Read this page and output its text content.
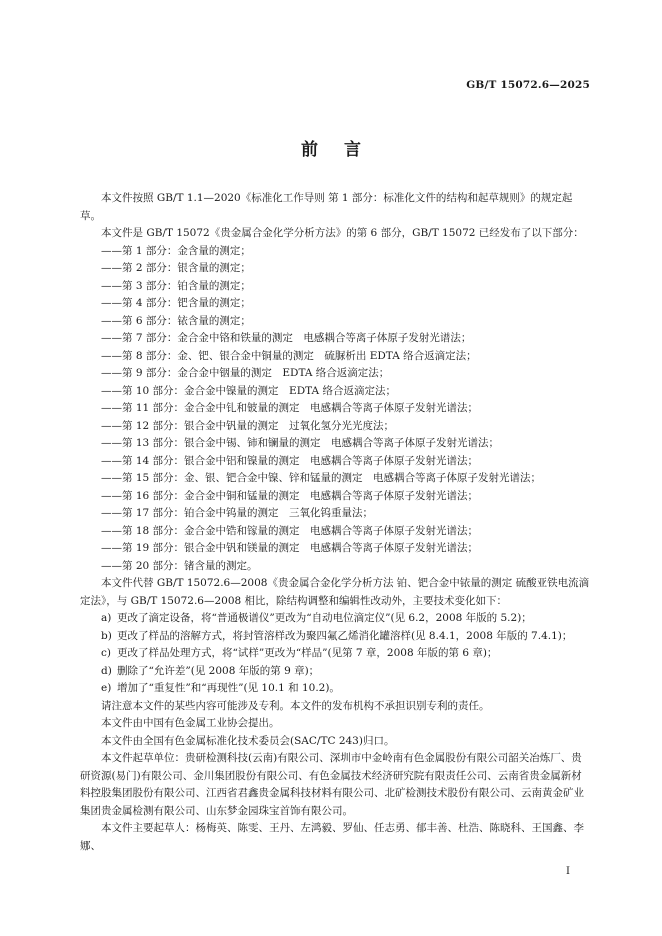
GB/T 15072.6—2025
前言

本文件按照 GB/T 1.1—2020《标准化工作导则 第 1 部分：标准化文件的结构和起草规则》的规定起草。

本文件是 GB/T 15072《贵金属合金化学分析方法》的第 6 部分，GB/T 15072 已经发布了以下部分：

——第 1 部分：金含量的测定；

——第 2 部分：银含量的测定；

——第 3 部分：铂含量的测定；

——第 4 部分：钯含量的测定；

——第 6 部分：铱含量的测定；

——第 7 部分：金合金中铬和铁量的测定　电感耦合等离子体原子发射光谱法；

——第 8 部分：金、钯、银合金中铜量的测定　硫脲析出 EDTA 络合返滴定法；

——第 9 部分：金合金中铟量的测定　EDTA 络合返滴定法；

——第 10 部分：金合金中镍量的测定　EDTA 络合返滴定法；

——第 11 部分：金合金中钆和铍量的测定　电感耦合等离子体原子发射光谱法；

——第 12 部分：银合金中钒量的测定　过氧化氢分光光度法；

——第 13 部分：银合金中锡、铈和镧量的测定　电感耦合等离子体原子发射光谱法；

——第 14 部分：银合金中铝和镍量的测定　电感耦合等离子体原子发射光谱法；

——第 15 部分：金、银、钯合金中镍、锌和锰量的测定　电感耦合等离子体原子发射光谱法；

——第 16 部分：金合金中铜和锰量的测定　电感耦合等离子体原子发射光谱法；

——第 17 部分：铂合金中钨量的测定　三氧化钨重量法；

——第 18 部分：金合金中锆和镓量的测定　电感耦合等离子体原子发射光谱法；

——第 19 部分：银合金中钒和镁量的测定　电感耦合等离子体原子发射光谱法；

——第 20 部分：锗含量的测定。

本文件代替 GB/T 15072.6—2008《贵金属合金化学分析方法 铂、钯合金中铱量的测定 硫酸亚铁电流滴定法》，与 GB/T 15072.6—2008 相比，除结构调整和编辑性改动外，主要技术变化如下：

a) 更改了滴定设备，将“普通极谱仪”更改为“自动电位滴定仪”(见 6.2，2008 年版的 5.2)；

b) 更改了样品的溶解方式，将封管溶样改为聚四氟乙烯消化罐溶样(见 8.4.1，2008 年版的 7.4.1)；

c) 更改了样品处理方式，将“试样”更改为“样品”(见第 7 章，2008 年版的第 6 章)；

d) 删除了“允许差”(见 2008 年版的第 9 章)；

e) 增加了“重复性”和“再现性”(见 10.1 和 10.2)。

请注意本文件的某些内容可能涉及专利。本文件的发布机构不承担识别专利的责任。

本文件由中国有色金属工业协会提出。

本文件由全国有色金属标准化技术委员会(SAC/TC 243)归口。

本文件起草单位：贵研检测科技(云南)有限公司、深圳市中金岭南有色金属股份有限公司韶关冶炼厂、贵研资源(易门)有限公司、金川集团股份有限公司、有色金属技术经济研究院有限责任公司、云南省贵金属新材料控股集团股份有限公司、江西省君鑫贵金属科技材料有限公司、北矿检测技术股份有限公司、云南黄金矿业集团贵金属检测有限公司、山东梦金园珠宝首饰有限公司。

本文件主要起草人：杨梅英、陈雯、王丹、左鸿毅、罗仙、任志勇、郁丰善、杜浩、陈晓科、王国鑫、李娜、

I
